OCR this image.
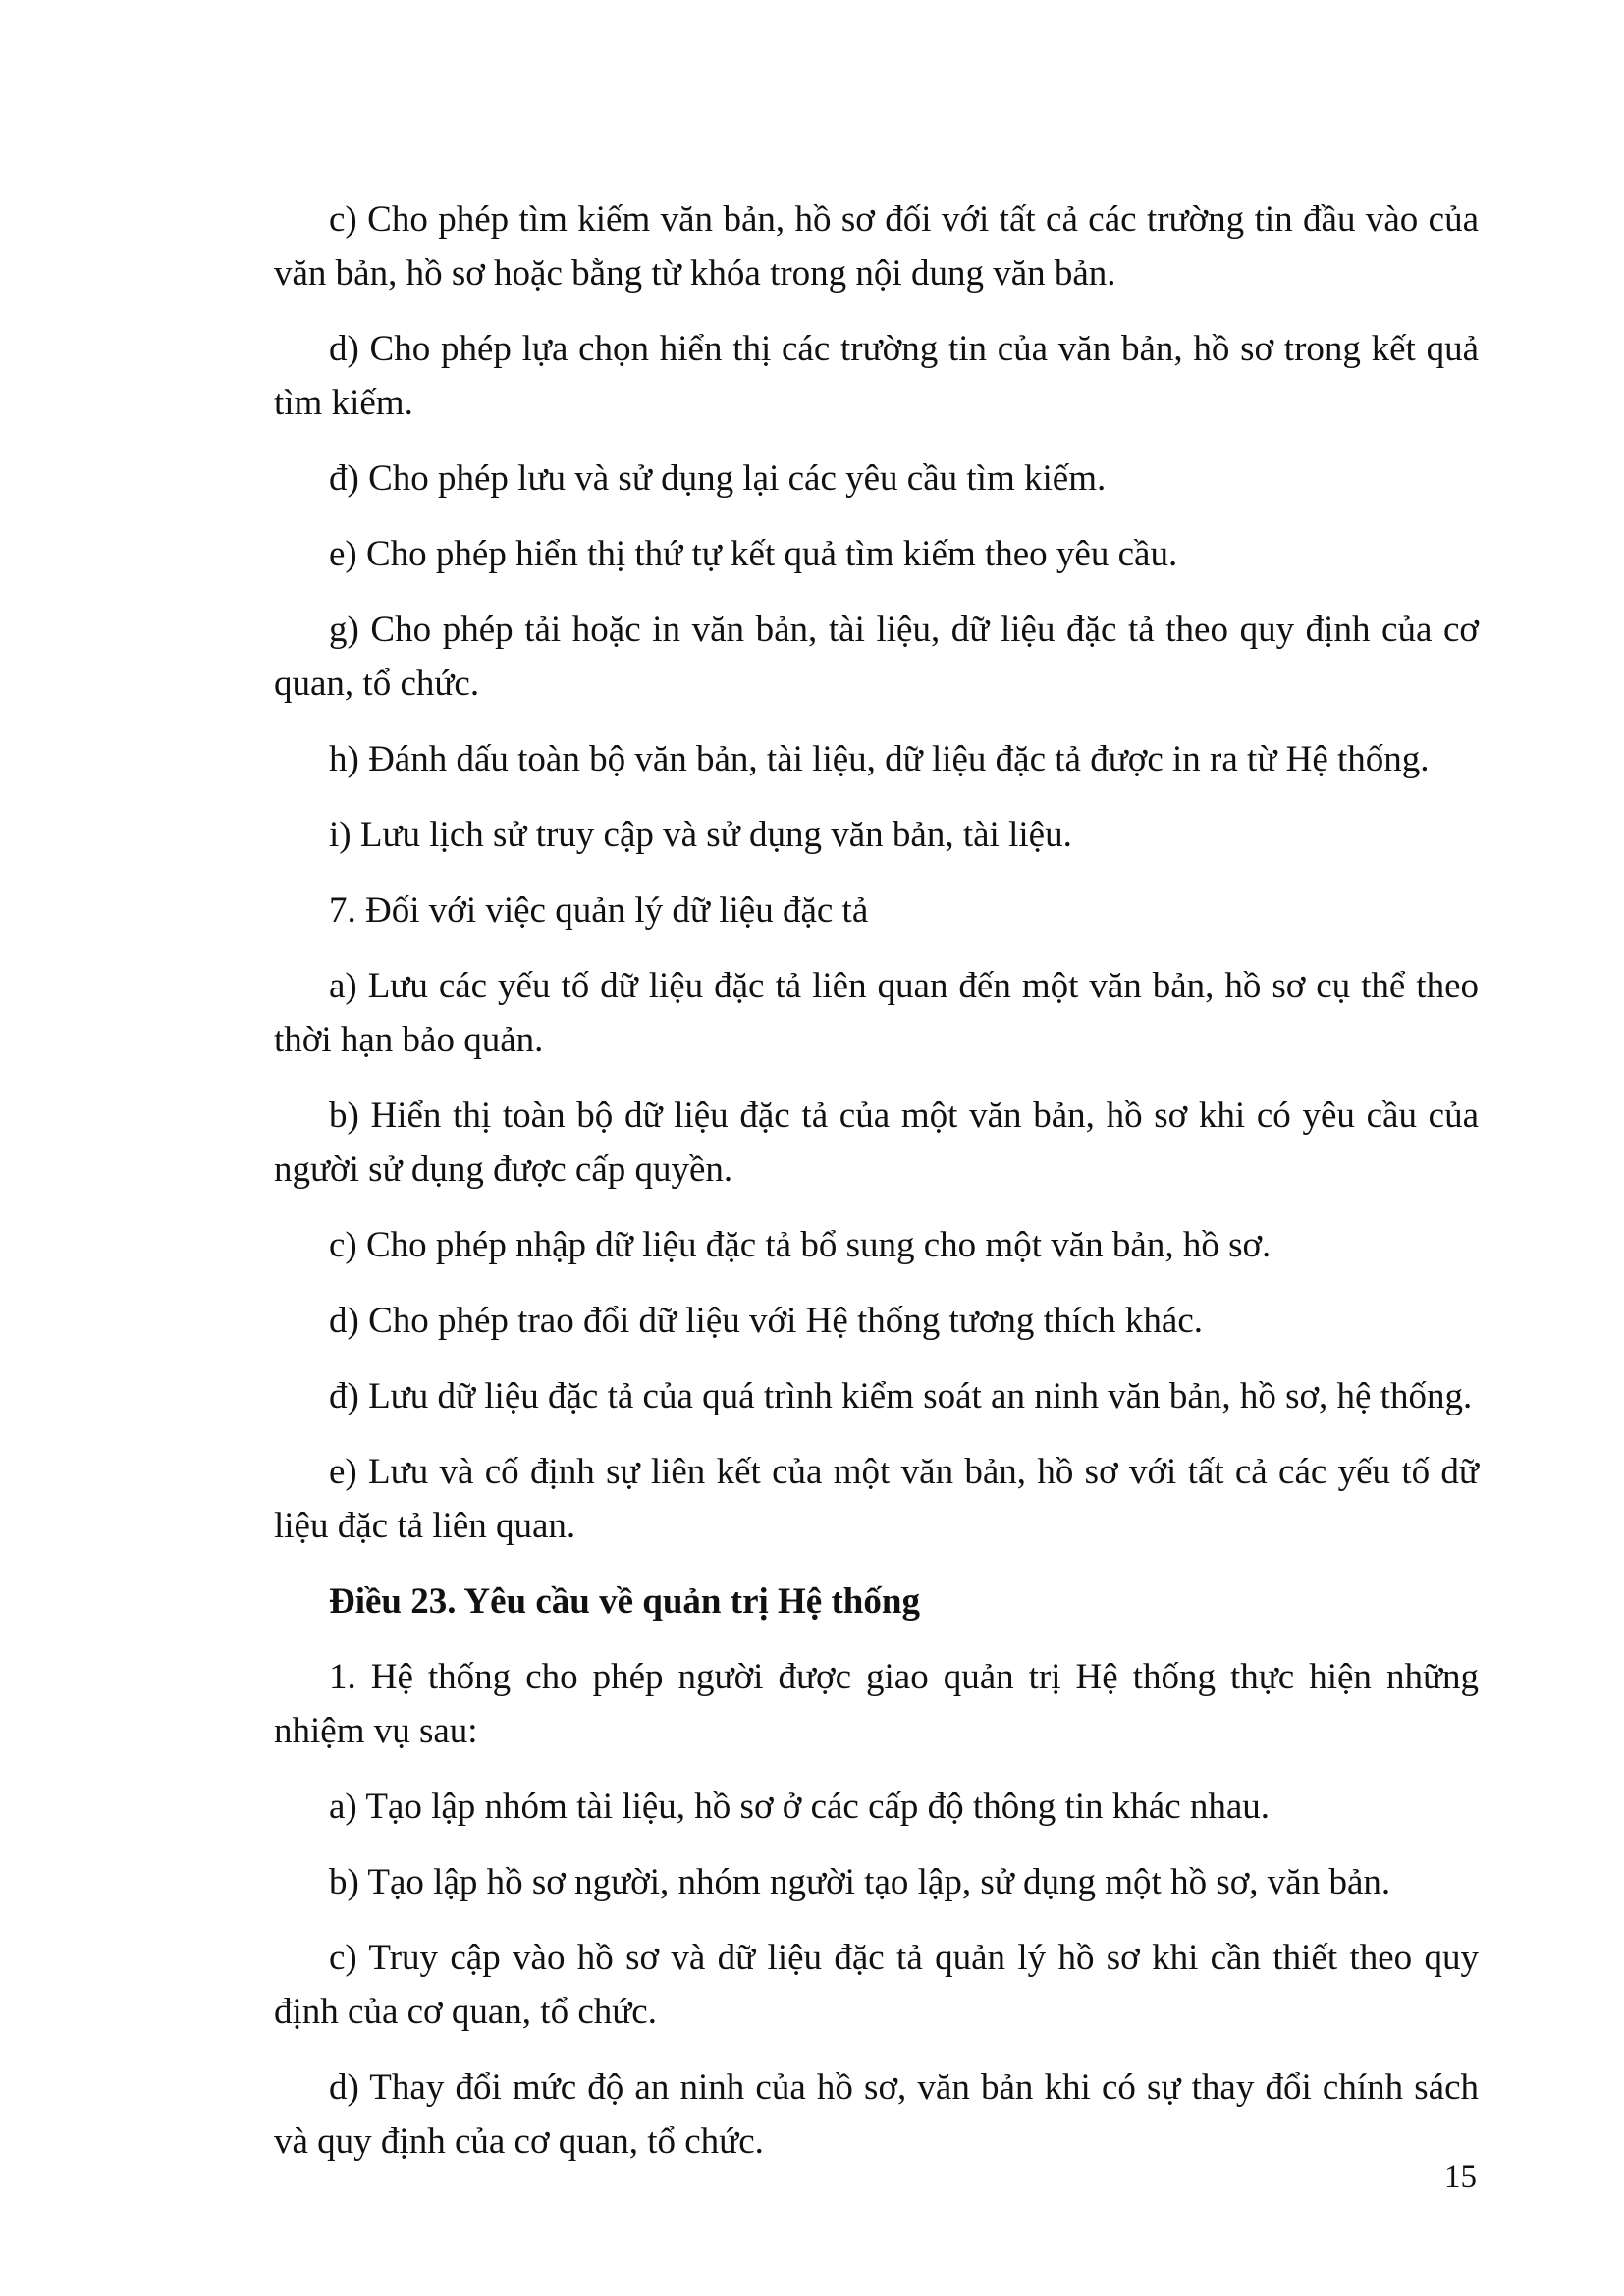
c) Cho phép tìm kiếm văn bản, hồ sơ đối với tất cả các trường tin đầu vào của văn bản, hồ sơ hoặc bằng từ khóa trong nội dung văn bản.

d) Cho phép lựa chọn hiển thị các trường tin của văn bản, hồ sơ trong kết quả tìm kiếm.

đ) Cho phép lưu và sử dụng lại các yêu cầu tìm kiếm.

e) Cho phép hiển thị thứ tự kết quả tìm kiếm theo yêu cầu.

g) Cho phép tải hoặc in văn bản, tài liệu, dữ liệu đặc tả theo quy định của cơ quan, tổ chức.

h) Đánh dấu toàn bộ văn bản, tài liệu, dữ liệu đặc tả được in ra từ Hệ thống.

i) Lưu lịch sử truy cập và sử dụng văn bản, tài liệu.

7. Đối với việc quản lý dữ liệu đặc tả

a) Lưu các yếu tố dữ liệu đặc tả liên quan đến một văn bản, hồ sơ cụ thể theo thời hạn bảo quản.

b) Hiển thị toàn bộ dữ liệu đặc tả của một văn bản, hồ sơ khi có yêu cầu của người sử dụng được cấp quyền.

c) Cho phép nhập dữ liệu đặc tả bổ sung cho một văn bản, hồ sơ.

d) Cho phép trao đổi dữ liệu với Hệ thống tương thích khác.

đ) Lưu dữ liệu đặc tả của quá trình kiểm soát an ninh văn bản, hồ sơ, hệ thống.

e) Lưu và cố định sự liên kết của một văn bản, hồ sơ với tất cả các yếu tố dữ liệu đặc tả liên quan.

Điều 23. Yêu cầu về quản trị Hệ thống

1. Hệ thống cho phép người được giao quản trị Hệ thống thực hiện những nhiệm vụ sau:

a) Tạo lập nhóm tài liệu, hồ sơ ở các cấp độ thông tin khác nhau.

b) Tạo lập hồ sơ người, nhóm người tạo lập, sử dụng một hồ sơ, văn bản.

c) Truy cập vào hồ sơ và dữ liệu đặc tả quản lý hồ sơ khi cần thiết theo quy định của cơ quan, tổ chức.

d) Thay đổi mức độ an ninh của hồ sơ, văn bản khi có sự thay đổi chính sách và quy định của cơ quan, tổ chức.

15
